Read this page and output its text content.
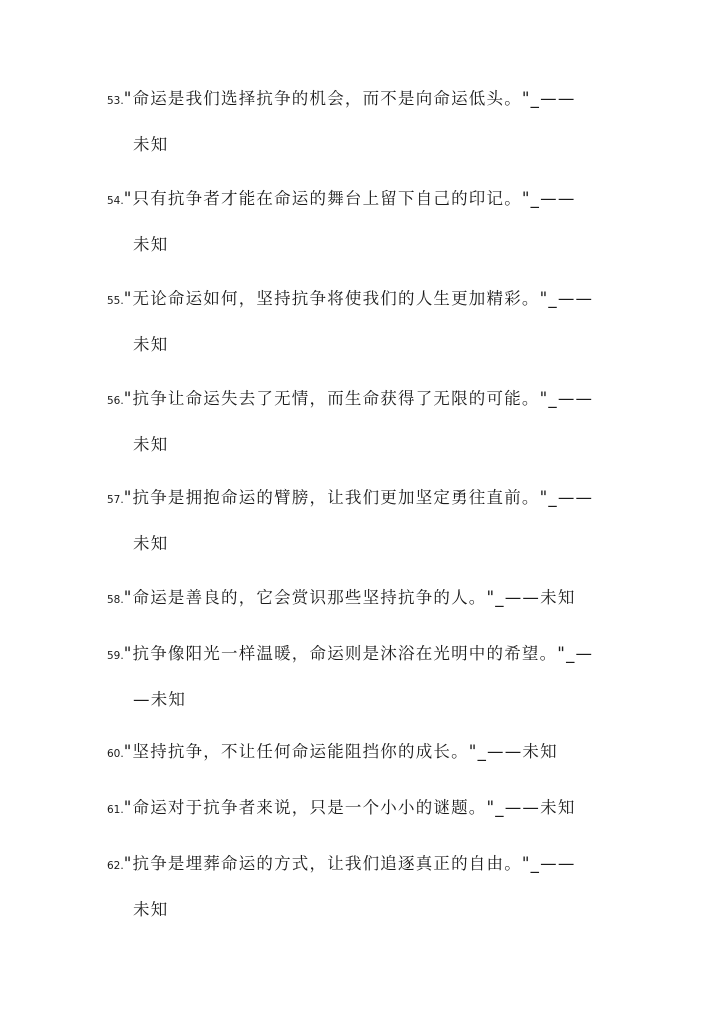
53."命运是我们选择抗争的机会，而不是向命运低头。"_——
未知
54."只有抗争者才能在命运的舞台上留下自己的印记。"_——
未知
55."无论命运如何，坚持抗争将使我们的人生更加精彩。"_——
未知
56."抗争让命运失去了无情，而生命获得了无限的可能。"_——
未知
57."抗争是拥抱命运的臂膀，让我们更加坚定勇往直前。"_——
未知
58."命运是善良的，它会赏识那些坚持抗争的人。"_——未知
59."抗争像阳光一样温暖，命运则是沐浴在光明中的希望。"_—
—未知
60."坚持抗争，不让任何命运能阻挡你的成长。"_——未知
61."命运对于抗争者来说，只是一个小小的谜题。"_——未知
62."抗争是埋葬命运的方式，让我们追逐真正的自由。"_——
未知
